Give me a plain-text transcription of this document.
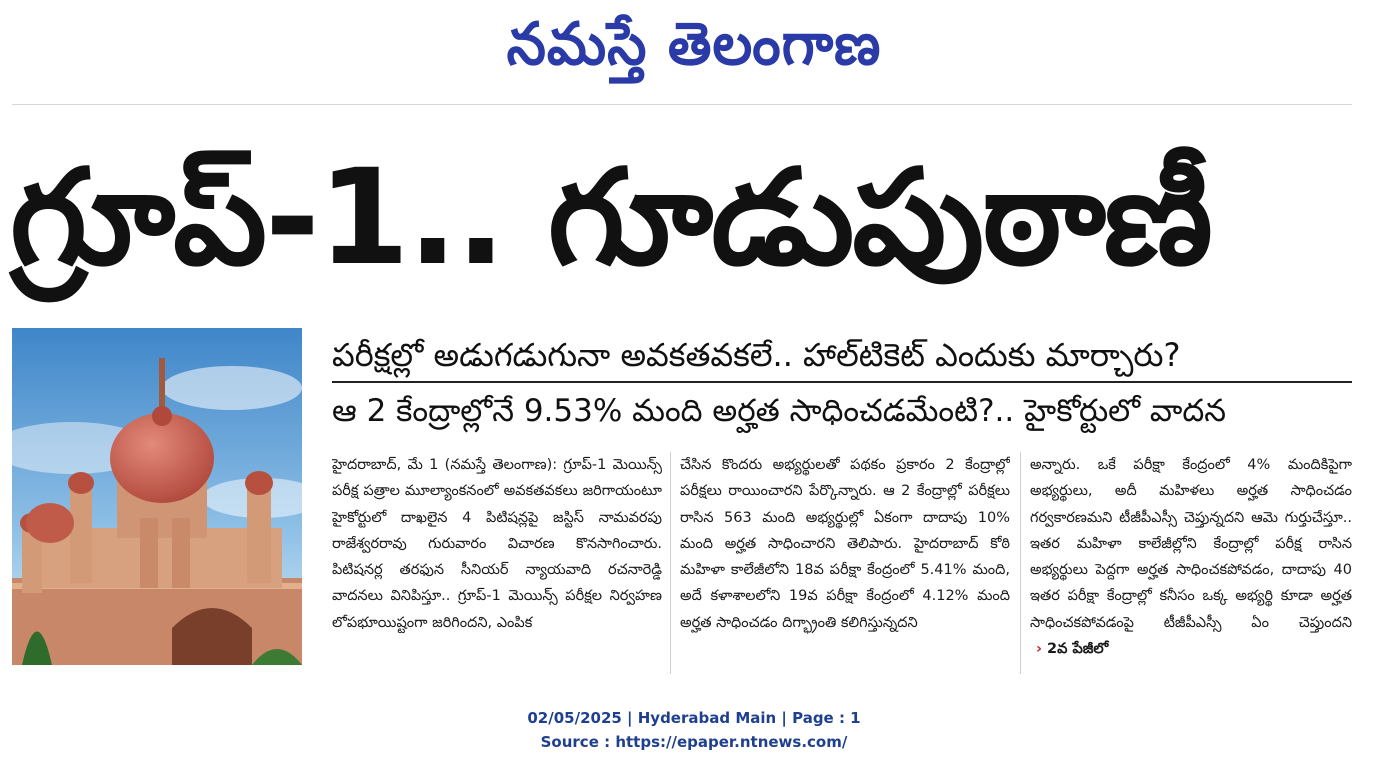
నమస్తే తెలంగాణ
గ్రూప్-1.. గూడుపుఠాణీ
పరీక్షల్లో అడుగడుగునా అవకతవకలే.. హాల్‌టికెట్ ఎందుకు మార్చారు?
ఆ 2 కేంద్రాల్లోనే 9.53% మంది అర్హత సాధించడమేంటి?.. హైకోర్టులో వాదన
హైదరాబాద్, మే 1 (నమస్తే తెలంగాణ): గ్రూప్-1 మెయిన్స్ పరీక్ష పత్రాల మూల్యాంకనంలో అవకతవకలు జరిగాయంటూ హైకోర్టులో దాఖలైన 4 పిటిషన్లపై జస్టిస్ నామవరపు రాజేశ్వరరావు గురువారం విచారణ కొనసాగించారు. పిటిషనర్ల తరఫున సీనియర్ న్యాయవాది రచనారెడ్డి వాదనలు వినిపిస్తూ.. గ్రూప్-1 మెయిన్స్ పరీక్షల నిర్వహణ లోపభూయిష్టంగా జరిగిందని, ఎంపిక
చేసిన కొందరు అభ్యర్థులతో పథకం ప్రకారం 2 కేంద్రాల్లో పరీక్షలు రాయించారని పేర్కొన్నారు. ఆ 2 కేంద్రాల్లో పరీక్షలు రాసిన 563 మంది అభ్యర్థుల్లో ఏకంగా దాదాపు 10% మంది అర్హత సాధించారని తెలిపారు. హైదరాబాద్ కోఠి మహిళా కాలేజీలోని 18వ పరీక్షా కేంద్రంలో 5.41% మంది, అదే కళాశాలలోని 19వ పరీక్షా కేంద్రంలో 4.12% మంది అర్హత సాధించడం దిగ్భ్రాంతి కలిగిస్తున్నదని
అన్నారు. ఒకే పరీక్షా కేంద్రంలో 4% మందికిపైగా అభ్యర్థులు, అదీ మహిళలు అర్హత సాధించడం గర్వకారణమని టీజీపీఎస్సీ చెప్తున్నదని ఆమె గుర్తుచేస్తూ.. ఇతర మహిళా కాలేజీల్లోని కేంద్రాల్లో పరీక్ష రాసిన అభ్యర్థులు పెద్దగా అర్హత సాధించకపోవడం, దాదాపు 40 ఇతర పరీక్షా కేంద్రాల్లో కనీసం ఒక్క అభ్యర్థి కూడా అర్హత సాధించకపోవడంపై టీజీపీఎస్సీ ఏం చెప్తుందని › 2వ పేజీలో
02/05/2025 | Hyderabad Main | Page : 1
Source : https://epaper.ntnews.com/
